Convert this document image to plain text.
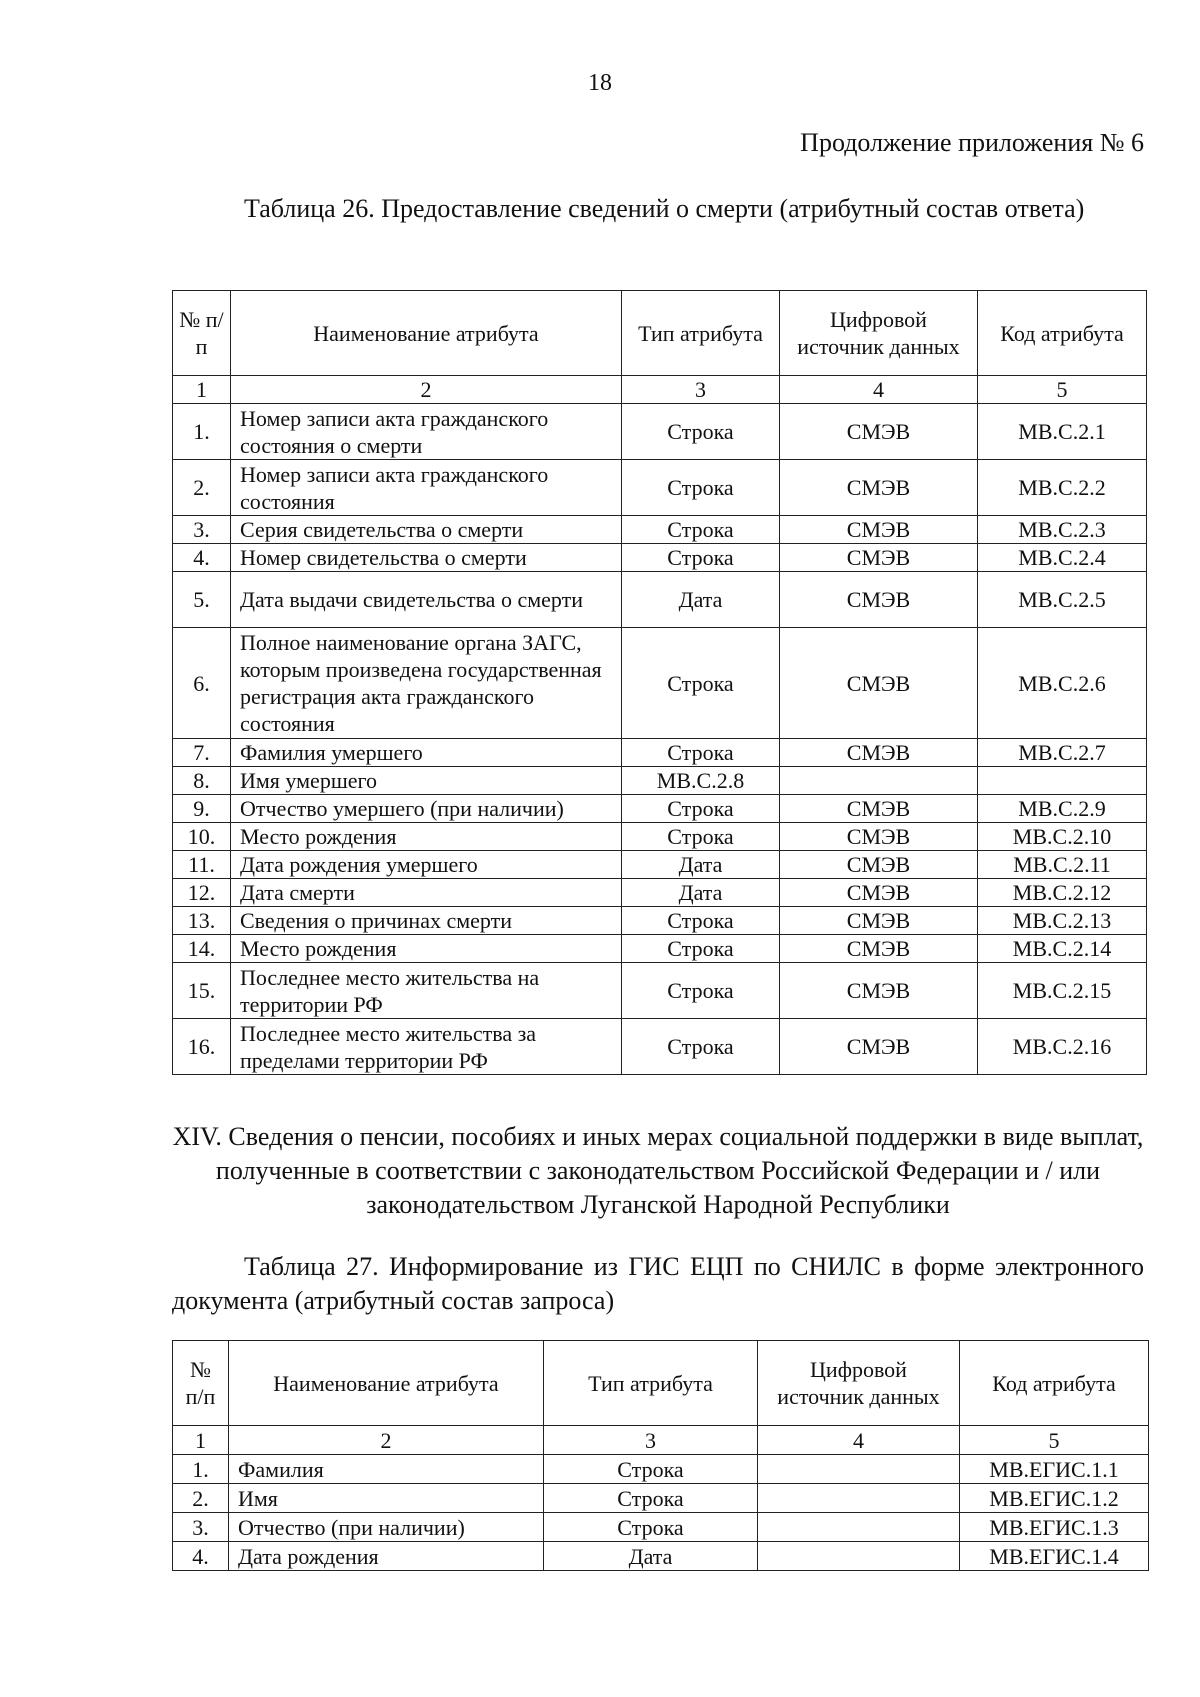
18
Продолжение приложения № 6
Таблица 26. Предоставление сведений о смерти (атрибутный состав ответа)
№ п/п	Наименование атрибута	Тип атрибута	Цифровой источник данных	Код атрибута
1	2	3	4	5
1.	Номер записи акта гражданского состояния о смерти	Строка	СМЭВ	МВ.С.2.1
2.	Номер записи акта гражданского состояния	Строка	СМЭВ	МВ.С.2.2
3.	Серия свидетельства о смерти	Строка	СМЭВ	МВ.С.2.3
4.	Номер свидетельства о смерти	Строка	СМЭВ	МВ.С.2.4
5.	Дата выдачи свидетельства о смерти	Дата	СМЭВ	МВ.С.2.5
6.	Полное наименование органа ЗАГС, которым произведена государственная регистрация акта гражданского состояния	Строка	СМЭВ	МВ.С.2.6
7.	Фамилия умершего	Строка	СМЭВ	МВ.С.2.7
8.	Имя умершего	МВ.С.2.8		
9.	Отчество умершего (при наличии)	Строка	СМЭВ	МВ.С.2.9
10.	Место рождения	Строка	СМЭВ	МВ.С.2.10
11.	Дата рождения умершего	Дата	СМЭВ	МВ.С.2.11
12.	Дата смерти	Дата	СМЭВ	МВ.С.2.12
13.	Сведения о причинах смерти	Строка	СМЭВ	МВ.С.2.13
14.	Место рождения	Строка	СМЭВ	МВ.С.2.14
15.	Последнее место жительства на территории РФ	Строка	СМЭВ	МВ.С.2.15
16.	Последнее место жительства за пределами территории РФ	Строка	СМЭВ	МВ.С.2.16
XIV. Сведения о пенсии, пособиях и иных мерах социальной поддержки в виде выплат, полученные в соответствии с законодательством Российской Федерации и / или законодательством Луганской Народной Республики
Таблица 27. Информирование из ГИС ЕЦП по СНИЛС в форме электронного документа (атрибутный состав запроса)
№ п/п	Наименование атрибута	Тип атрибута	Цифровой источник данных	Код атрибута
1	2	3	4	5
1.	Фамилия	Строка		МВ.ЕГИС.1.1
2.	Имя	Строка		МВ.ЕГИС.1.2
3.	Отчество (при наличии)	Строка		МВ.ЕГИС.1.3
4.	Дата рождения	Дата		МВ.ЕГИС.1.4
